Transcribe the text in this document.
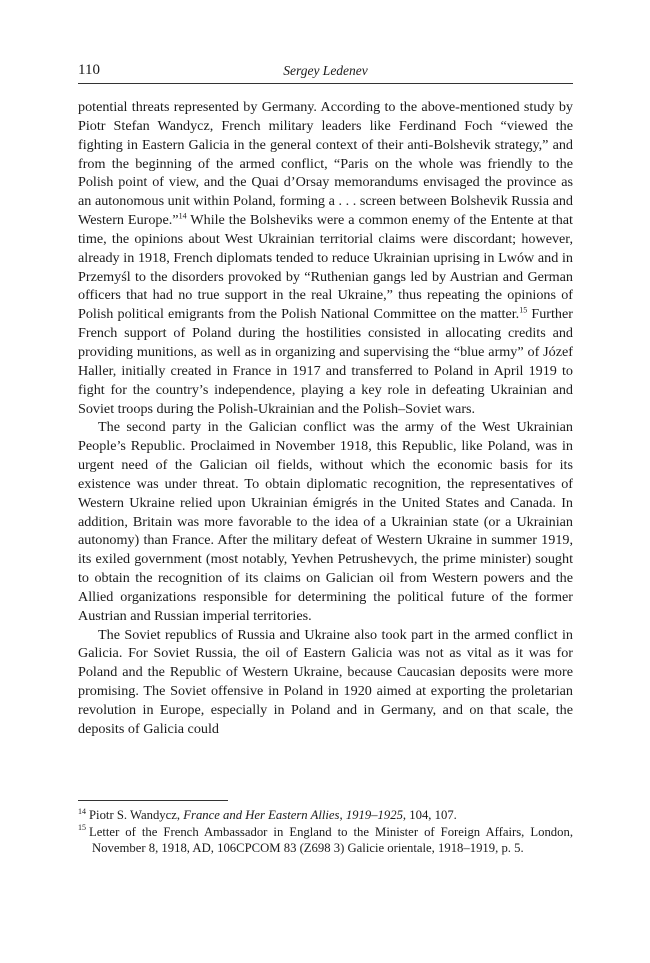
110	Sergey Ledenev

potential threats represented by Germany. According to the above-mentioned study by Piotr Stefan Wandycz, French military leaders like Ferdinand Foch “viewed the fighting in Eastern Galicia in the general context of their anti-Bolshevik strategy,” and from the beginning of the armed conflict, “Paris on the whole was friendly to the Polish point of view, and the Quai d’Orsay memorandums envisaged the province as an autonomous unit within Poland, forming a . . . screen between Bolshevik Russia and Western Europe.”$^{14}$ While the Bolsheviks were a common enemy of the Entente at that time, the opinions about West Ukrainian territorial claims were discordant; however, already in 1918, French diplomats tended to reduce Ukrainian uprising in Lwów and in Przemyśl to the disorders provoked by “Ruthenian gangs led by Austrian and German officers that had no true support in the real Ukraine,” thus repeating the opinions of Polish political emigrants from the Polish National Committee on the matter.$^{15}$ Further French support of Poland during the hostilities consisted in allocating credits and providing munitions, as well as in organizing and supervising the “blue army” of Józef Haller, initially created in France in 1917 and transferred to Poland in April 1919 to fight for the country’s independence, playing a key role in defeating Ukrainian and Soviet troops during the Polish-Ukrainian and the Polish–Soviet wars.

The second party in the Galician conflict was the army of the West Ukrainian People’s Republic. Proclaimed in November 1918, this Republic, like Poland, was in urgent need of the Galician oil fields, without which the economic basis for its existence was under threat. To obtain diplomatic recognition, the representatives of Western Ukraine relied upon Ukrainian émigrés in the United States and Canada. In addition, Britain was more favorable to the idea of a Ukrainian state (or a Ukrainian autonomy) than France. After the military defeat of Western Ukraine in summer 1919, its exiled government (most notably, Yevhen Petrushevych, the prime minister) sought to obtain the recognition of its claims on Galician oil from Western powers and the Allied organizations responsible for determining the political future of the former Austrian and Russian imperial territories.

The Soviet republics of Russia and Ukraine also took part in the armed conflict in Galicia. For Soviet Russia, the oil of Eastern Galicia was not as vital as it was for Poland and the Republic of Western Ukraine, because Caucasian deposits were more promising. The Soviet offensive in Poland in 1920 aimed at exporting the proletarian revolution in Europe, especially in Poland and in Germany, and on that scale, the deposits of Galicia could

$^{14}$ Piotr S. Wandycz, France and Her Eastern Allies, 1919–1925, 104, 107.

$^{15}$ Letter of the French Ambassador in England to the Minister of Foreign Affairs, London, November 8, 1918, AD, 106CPCOM 83 (Z698 3) Galicie orientale, 1918–1919, p. 5.
